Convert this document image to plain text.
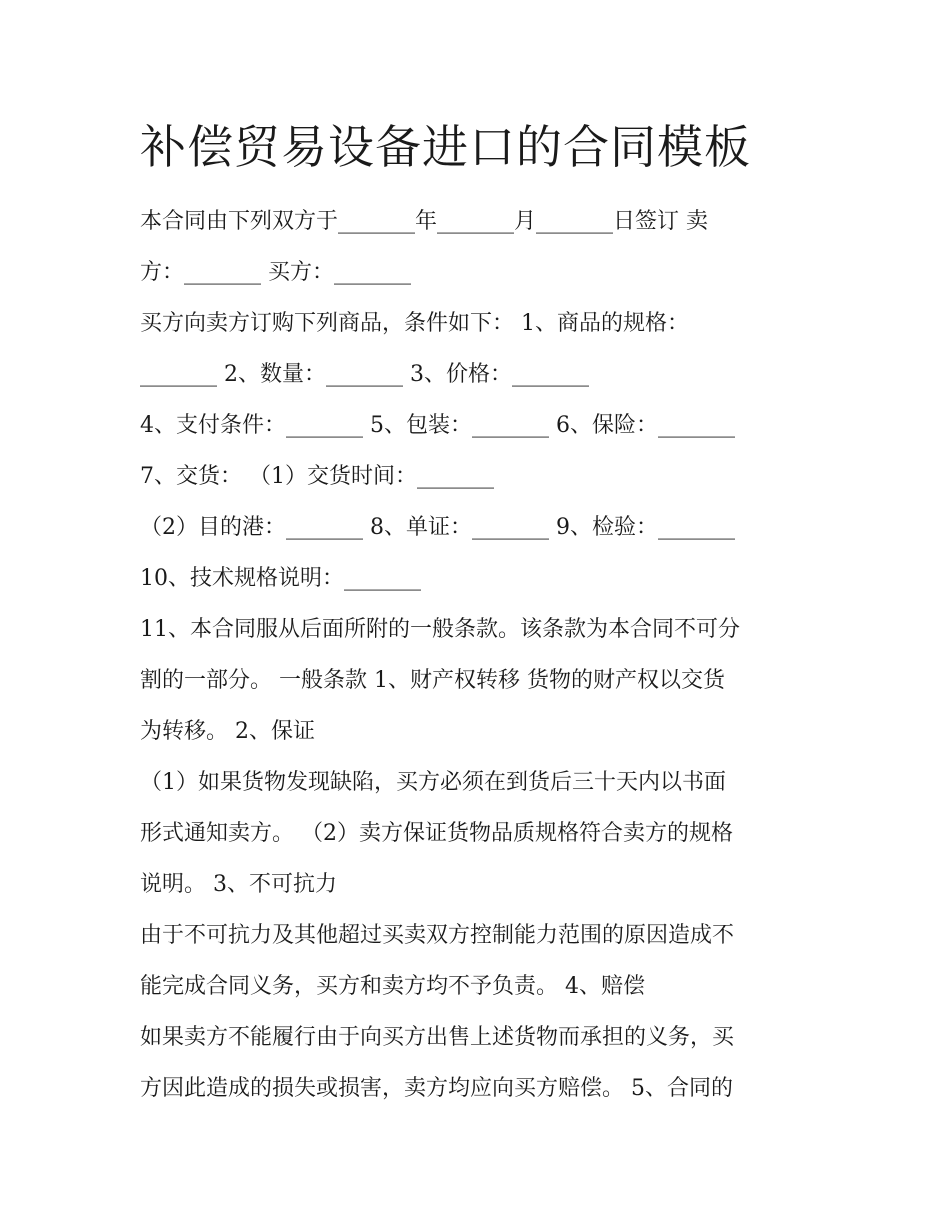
补偿贸易设备进口的合同模板
本合同由下列双方于_______年_______月_______日签订 卖
方：_______ 买方：_______
买方向卖方订购下列商品，条件如下： 1、商品的规格：
_______ 2、数量：_______ 3、价格：_______
4、支付条件：_______ 5、包装：_______ 6、保险：_______
7、交货： （1）交货时间：_______
（2）目的港：_______ 8、单证：_______ 9、检验：_______
10、技术规格说明：_______
11、本合同服从后面所附的一般条款。该条款为本合同不可分
割的一部分。 一般条款 1、财产权转移 货物的财产权以交货
为转移。 2、保证
（1）如果货物发现缺陷，买方必须在到货后三十天内以书面
形式通知卖方。 （2）卖方保证货物品质规格符合卖方的规格
说明。 3、不可抗力
由于不可抗力及其他超过买卖双方控制能力范围的原因造成不
能完成合同义务，买方和卖方均不予负责。 4、赔偿
如果卖方不能履行由于向买方出售上述货物而承担的义务，买
方因此造成的损失或损害，卖方均应向买方赔偿。 5、合同的
